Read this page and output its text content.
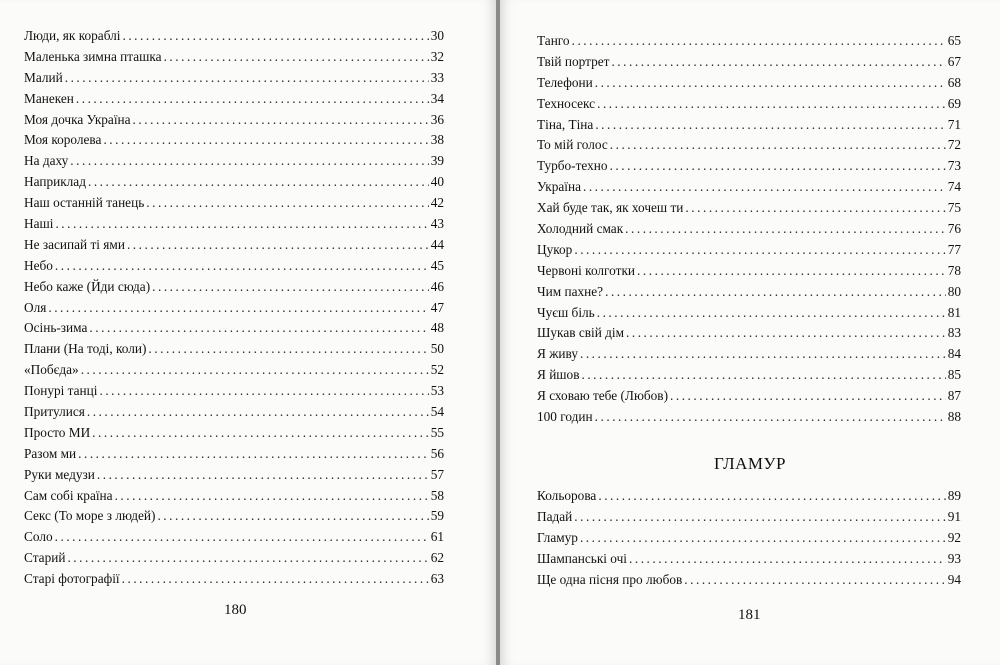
Люди, як кораблі . . .	30
Маленька зимна пташка . . .	32
Малий . . .	33
Манекен . . .	34
Моя дочка Україна . . .	36
Моя королева . . .	38
На даху . . .	39
Наприклад . . .	40
Наш останній танець . . .	42
Наші . . .	43
Не засипай ті ями . . .	44
Небо . . .	45
Небо каже (Йди сюда) . . .	46
Оля . . .	47
Осінь-зима . . .	48
Плани (На тоді, коли) . . .	50
«Побєда» . . .	52
Понурі танці . . .	53
Притулися . . .	54
Просто МИ . . .	55
Разом ми . . .	56
Руки медузи . . .	57
Сам собі країна . . .	58
Секс (То море з людей) . . .	59
Соло . . .	61
Старий . . .	62
Старі фотографії . . .	63
180
Танго . . .	65
Твій портрет . . .	67
Телефони . . .	68
Техносекс . . .	69
Тіна, Тіна . . .	71
То мій голос . . .	72
Турбо-техно . . .	73
Україна . . .	74
Хай буде так, як хочеш ти . . .	75
Холодний смак . . .	76
Цукор . . .	77
Червоні колготки . . .	78
Чим пахне? . . .	80
Чуєш біль . . .	81
Шукав свій дім . . .	83
Я живу . . .	84
Я йшов . . .	85
Я сховаю тебе (Любов) . . .	87
100 годин . . .	88
ГЛАМУР
Кольорова . . .	89
Падай . . .	91
Гламур . . .	92
Шампанські очі . . .	93
Ще одна пісня про любов . . .	94
181
